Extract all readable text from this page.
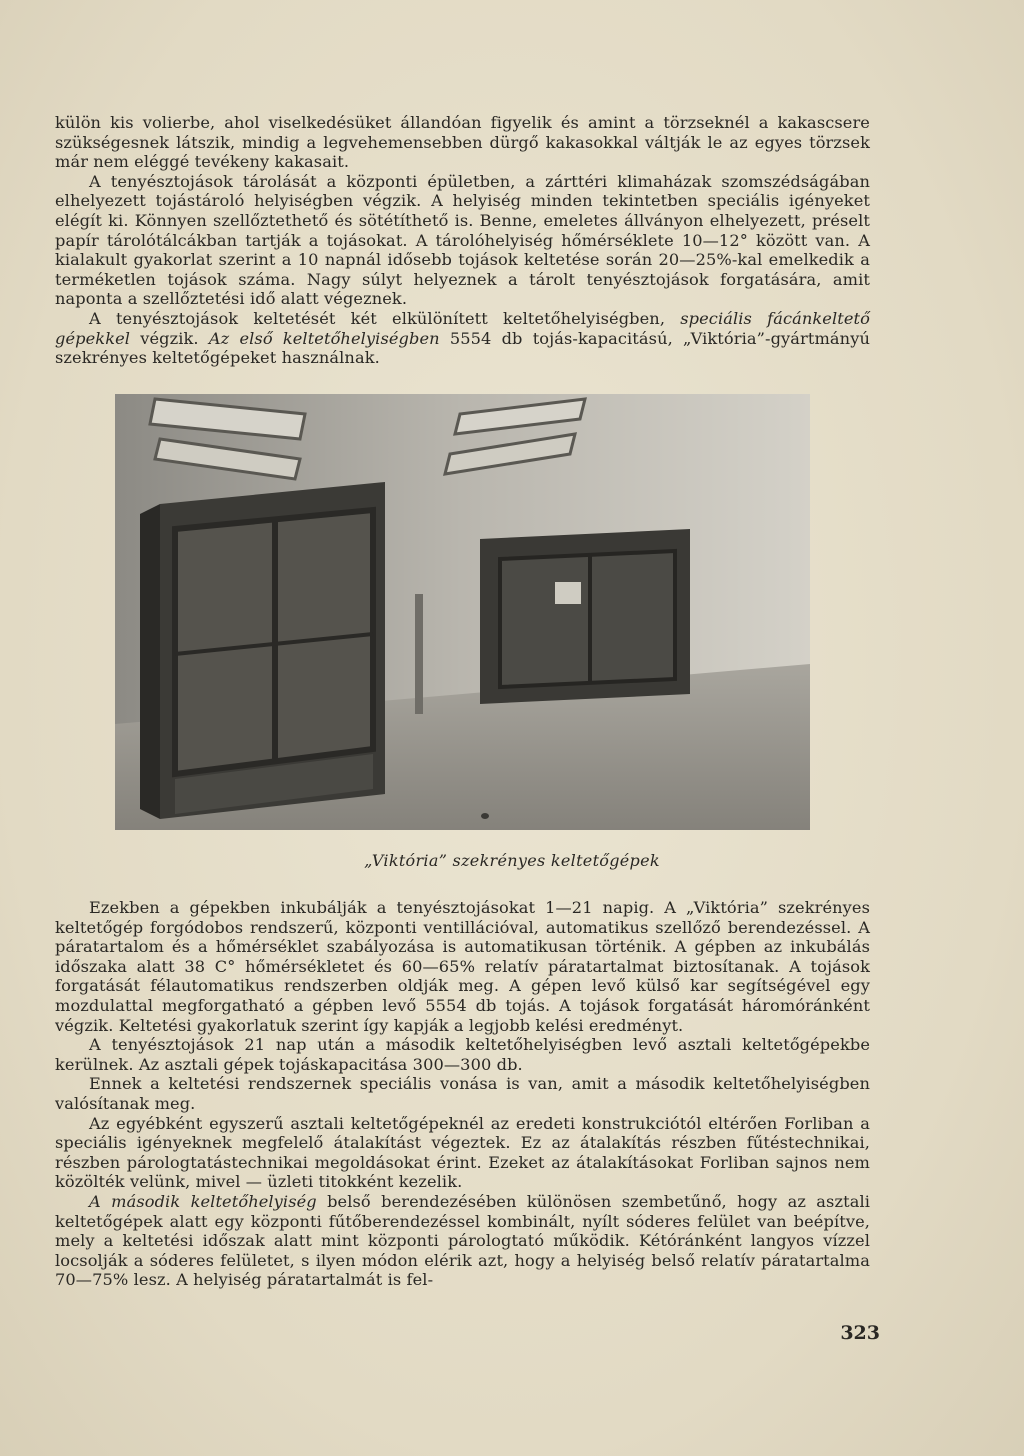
külön kis volierbe, ahol viselkedésüket állandóan figyelik és amint a törzseknél a kakascsere szükségesnek látszik, mindig a legvehemensebben dürgő kakasokkal váltják le az egyes törzsek már nem eléggé tevékeny kakasait.

A tenyésztojások tárolását a központi épületben, a zárttéri klimaházak szomszédságában elhelyezett tojástároló helyiségben végzik. A helyiség minden tekintetben speciális igényeket elégít ki. Könnyen szellőztethető és sötétíthető is. Benne, emeletes állványon elhelyezett, préselt papír tárolótálcákban tartják a tojásokat. A tárolóhelyiség hőmérséklete 10—12° között van. A kialakult gyakorlat szerint a 10 napnál idősebb tojások keltetése során 20—25%-kal emelkedik a terméketlen tojások száma. Nagy súlyt helyeznek a tárolt tenyésztojások forgatására, amit naponta a szellőztetési idő alatt végeznek.

A tenyésztojások keltetését két elkülönített keltetőhelyiségben, speciális fácánkeltető gépekkel végzik. Az első keltetőhelyiségben 5554 db tojás-kapacitású, „Viktória”-gyártmányú szekrényes keltetőgépeket használnak.

„Viktória” szekrényes keltetőgépek

Ezekben a gépekben inkubálják a tenyésztojásokat 1—21 napig. A „Viktória” szekrényes keltetőgép forgódobos rendszerű, központi ventillációval, automatikus szellőző berendezéssel. A páratartalom és a hőmérséklet szabályozása is automatikusan történik. A gépben az inkubálás időszaka alatt 38 C° hőmérsékletet és 60—65% relatív páratartalmat biztosítanak. A tojások forgatását félautomatikus rendszerben oldják meg. A gépen levő külső kar segítségével egy mozdulattal megforgatható a gépben levő 5554 db tojás. A tojások forgatását háromóránként végzik. Keltetési gyakorlatuk szerint így kapják a legjobb kelési eredményt.

A tenyésztojások 21 nap után a második keltetőhelyiségben levő asztali keltetőgépekbe kerülnek. Az asztali gépek tojáskapacitása 300—300 db.

Ennek a keltetési rendszernek speciális vonása is van, amit a második keltetőhelyiségben valósítanak meg.

Az egyébként egyszerű asztali keltetőgépeknél az eredeti konstrukciótól eltérően Forliban a speciális igényeknek megfelelő átalakítást végeztek. Ez az átalakítás részben fűtéstechnikai, részben párologtatástechnikai megoldásokat érint. Ezeket az átalakításokat Forliban sajnos nem közölték velünk, mivel — üzleti titokként kezelik.

A második keltetőhelyiség belső berendezésében különösen szembetűnő, hogy az asztali keltetőgépek alatt egy központi fűtőberendezéssel kombinált, nyílt sóderes felület van beépítve, mely a keltetési időszak alatt mint központi párologtató működik. Kétóránként langyos vízzel locsolják a sóderes felületet, s ilyen módon elérik azt, hogy a helyiség belső relatív páratartalma 70—75% lesz. A helyiség páratartalmát is fel-

323
